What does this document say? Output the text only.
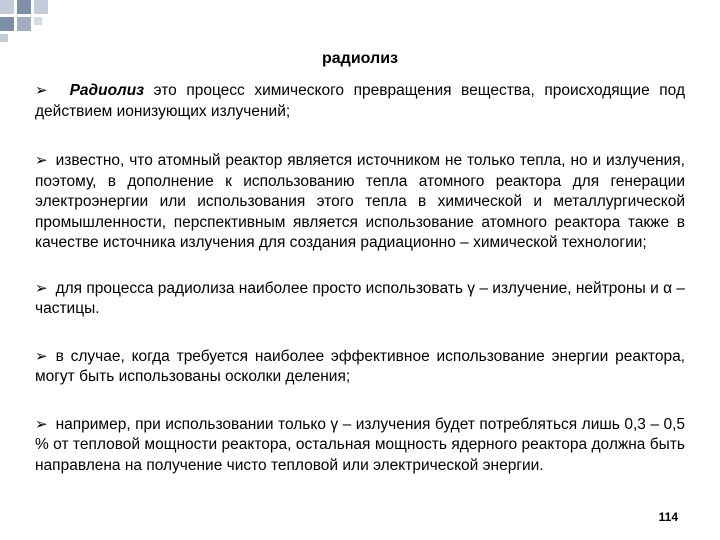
радиолиз

➢ Радиолиз это процесс химического превращения вещества, происходящие под действием ионизующих излучений;

➢ известно, что атомный реактор является источником не только тепла, но и излучения, поэтому, в дополнение к использованию тепла атомного реактора для генерации электроэнергии или использования этого тепла в химической и металлургической промышленности, перспективным является использование атомного реактора также в качестве источника излучения для создания радиационно – химической технологии;

➢ для процесса радиолиза наиболее просто использовать γ – излучение, нейтроны и α – частицы.

➢ в случае, когда требуется наиболее эффективное использование энергии реактора, могут быть использованы осколки деления;

➢ например, при использовании только γ – излучения будет потребляться лишь 0,3 – 0,5 % от тепловой мощности реактора, остальная мощность ядерного реактора должна быть направлена на получение чисто тепловой или электрической энергии.

114
